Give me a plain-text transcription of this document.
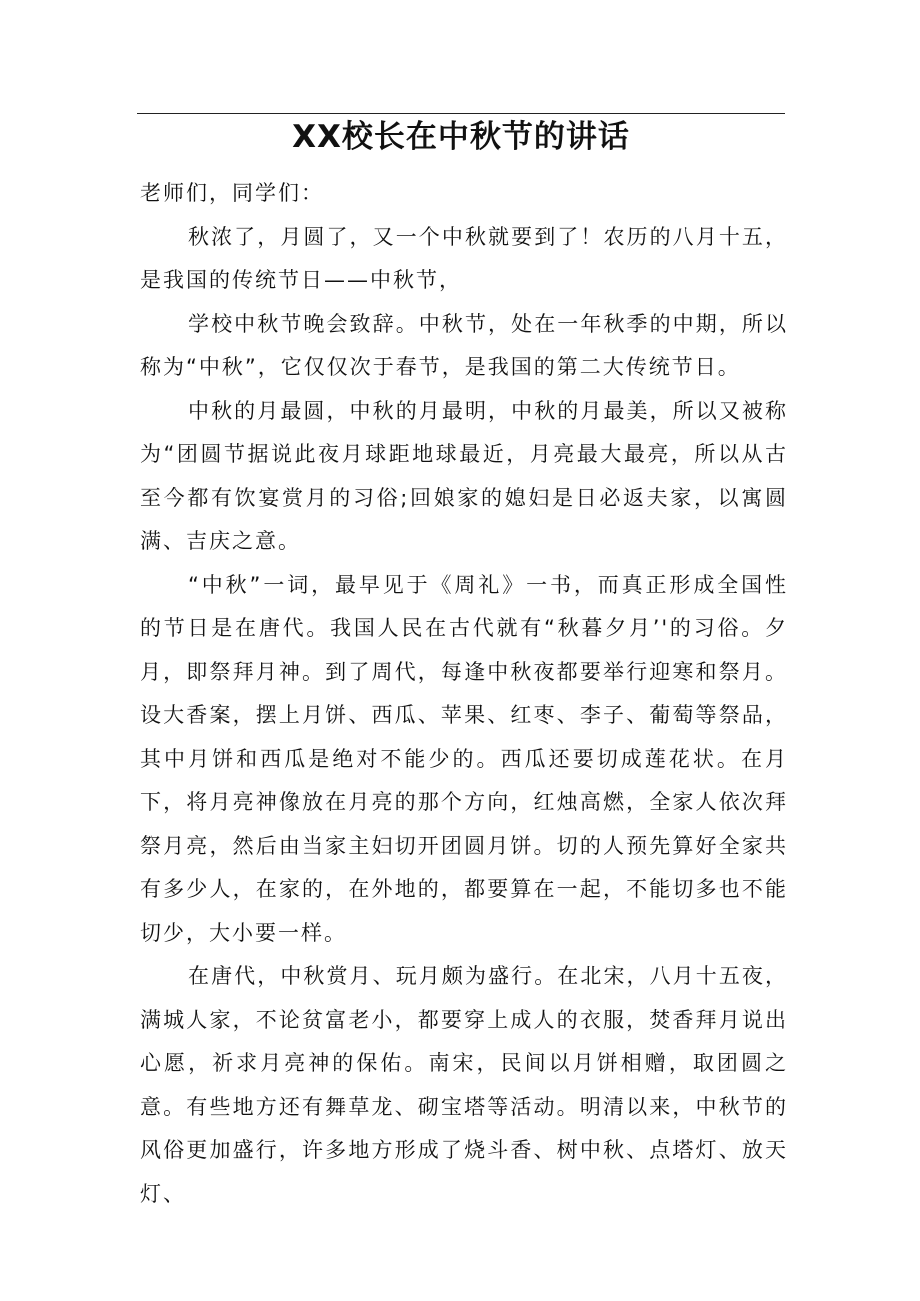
XX校长在中秋节的讲话

老师们，同学们：

秋浓了，月圆了，又一个中秋就要到了！农历的八月十五，是我国的传统节日——中秋节，

学校中秋节晚会致辞。中秋节，处在一年秋季的中期，所以称为“中秋”，它仅仅次于春节，是我国的第二大传统节日。

中秋的月最圆，中秋的月最明，中秋的月最美，所以又被称为“团圆节据说此夜月球距地球最近，月亮最大最亮，所以从古至今都有饮宴赏月的习俗;回娘家的媳妇是日必返夫家，以寓圆满、吉庆之意。

“中秋”一词，最早见于《周礼》一书，而真正形成全国性的节日是在唐代。我国人民在古代就有“秋暮夕月’'的习俗。夕月，即祭拜月神。到了周代，每逢中秋夜都要举行迎寒和祭月。设大香案，摆上月饼、西瓜、苹果、红枣、李子、葡萄等祭品，其中月饼和西瓜是绝对不能少的。西瓜还要切成莲花状。在月下，将月亮神像放在月亮的那个方向，红烛高燃，全家人依次拜祭月亮，然后由当家主妇切开团圆月饼。切的人预先算好全家共有多少人，在家的，在外地的，都要算在一起，不能切多也不能切少，大小要一样。

在唐代，中秋赏月、玩月颇为盛行。在北宋，八月十五夜，满城人家，不论贫富老小，都要穿上成人的衣服，焚香拜月说出心愿，祈求月亮神的保佑。南宋，民间以月饼相赠，取团圆之意。有些地方还有舞草龙、砌宝塔等活动。明清以来，中秋节的风俗更加盛行，许多地方形成了烧斗香、树中秋、点塔灯、放天灯、
